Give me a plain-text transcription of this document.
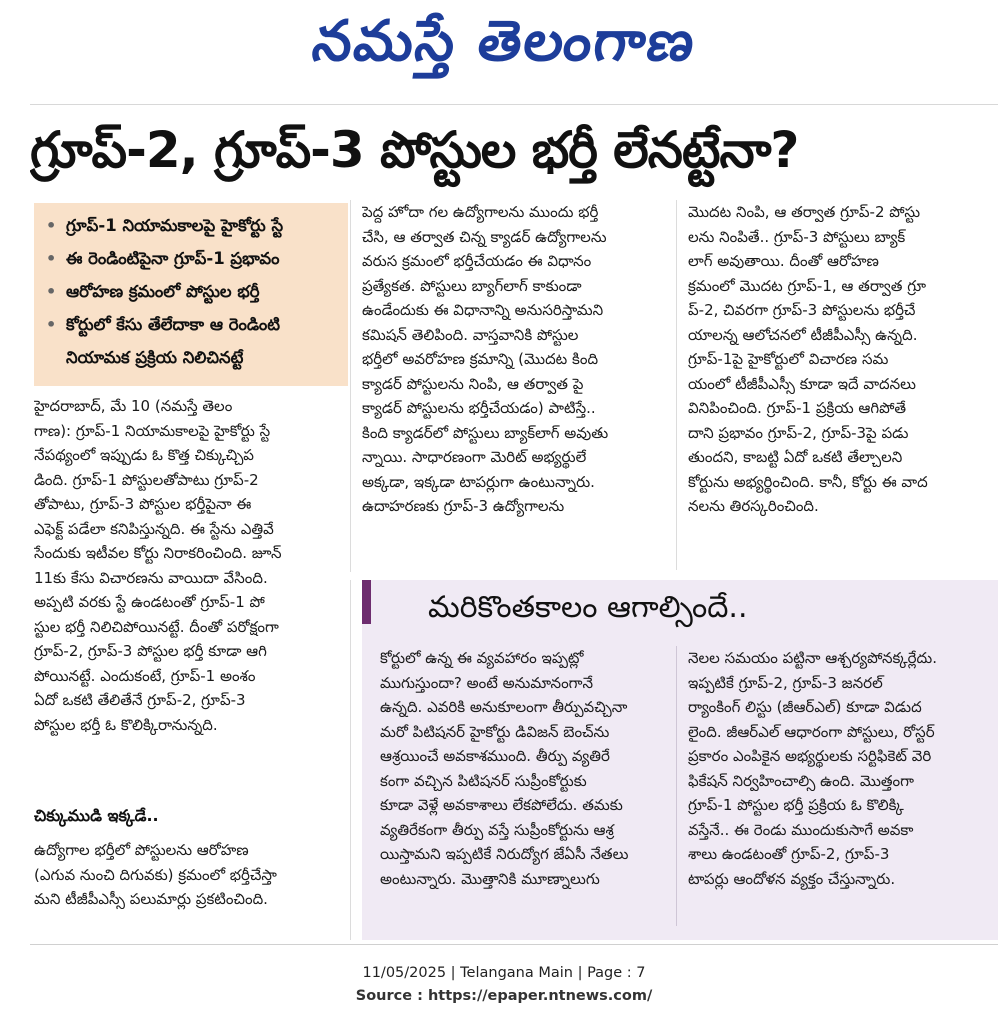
నమస్తే తెలంగాణ
గ్రూప్‌-2, గ్రూప్‌-3 పోస్టుల భర్తీ లేనట్టేనా?
• గ్రూప్‌-1 నియామకాలపై హైకోర్టు స్టే
• ఈ రెండింటిపైనా గ్రూప్‌-1 ప్రభావం
• ఆరోహణ క్రమంలో పోస్టుల భర్తీ
• కోర్టులో కేసు తేలేదాకా ఆ రెండింటి
నియామక ప్రక్రియ నిలిచినట్టే
హైదరాబాద్‌, మే 10 (నమస్తే తెలం
గాణ): గ్రూప్‌-1 నియామకాలపై హైకోర్టు స్టే
నేపథ్యంలో ఇప్పుడు ఓ కొత్త చిక్కుచ్చిప
డింది. గ్రూప్‌-1 పోస్టులతోపాటు గ్రూప్‌-2
తోపాటు, గ్రూప్‌-3 పోస్టుల భర్తీపైనా ఈ
ఎఫెక్ట్‌ పడేలా కనిపిస్తున్నది. ఈ స్టేను ఎత్తివే
సేందుకు ఇటీవల కోర్టు నిరాకరించింది. జూన్‌
11కు కేసు విచారణను వాయిదా వేసింది.
అప్పటి వరకు స్టే ఉండటంతో గ్రూప్‌-1 పో
స్టుల భర్తీ నిలిచిపోయినట్టే. దీంతో పరోక్షంగా
గ్రూప్‌-2, గ్రూప్‌-3 పోస్టుల భర్తీ కూడా ఆగి
పోయినట్టే. ఎందుకంటే, గ్రూప్‌-1 అంశం
ఏదో ఒకటి తేలితేనే గ్రూప్‌-2, గ్రూప్‌-3
పోస్టుల భర్తీ ఓ కొలిక్కిరానున్నది.
చిక్కుముడి ఇక్కడే..
ఉద్యోగాల భర్తీలో పోస్టులను ఆరోహణ
(ఎగువ నుంచి దిగువకు) క్రమంలో భర్తీచేస్తా
మని టీజీపీఎస్సీ పలుమార్లు ప్రకటించింది.
పెద్ద హోదా గల ఉద్యోగాలను ముందు భర్తీ
చేసి, ఆ తర్వాత చిన్న క్యాడర్‌ ఉద్యోగాలను
వరుస క్రమంలో భర్తీచేయడం ఈ విధానం
ప్రత్యేకత. పోస్టులు బ్యాగ్‌లాగ్‌ కాకుండా
ఉండేందుకు ఈ విధానాన్ని అనుసరిస్తామని
కమిషన్‌ తెలిపింది. వాస్తవానికి పోస్టుల
భర్తీలో అవరోహణ క్రమాన్ని (మొదట కింది
క్యాడర్‌ పోస్టులను నింపి, ఆ తర్వాత పై
క్యాడర్‌ పోస్టులను భర్తీచేయడం) పాటిస్తే..
కింది క్యాడర్‌లో పోస్టులు బ్యాక్‌లాగ్‌ అవుతు
న్నాయి. సాధారణంగా మెరిట్‌ అభ్యర్థులే
అక్కడా, ఇక్కడా టాపర్లుగా ఉంటున్నారు.
ఉదాహరణకు గ్రూప్‌-3 ఉద్యోగాలను
మొదట నింపి, ఆ తర్వాత గ్రూప్‌-2 పోస్టు
లను నింపితే.. గ్రూప్‌-3 పోస్టులు బ్యాక్‌
లాగ్‌ అవుతాయి. దీంతో ఆరోహణ
క్రమంలో మొదట గ్రూప్‌-1, ఆ తర్వాత గ్రూ
ప్‌-2, చివరగా గ్రూప్‌-3 పోస్టులను భర్తీచే
యాలన్న ఆలోచనలో టీజీపీఎస్సీ ఉన్నది.
గ్రూప్‌-1పై హైకోర్టులో విచారణ సమ
యంలో టీజీపీఎస్సీ కూడా ఇదే వాదనలు
వినిపించింది. గ్రూప్‌-1 ప్రక్రియ ఆగిపోతే
దాని ప్రభావం గ్రూప్‌-2, గ్రూప్‌-3పై పడు
తుందని, కాబట్టి ఏదో ఒకటి తేల్చాలని
కోర్టును అభ్యర్థించింది. కానీ, కోర్టు ఈ వాద
నలను తిరస్కరించింది.
మరికొంతకాలం ఆగాల్సిందే..
కోర్టులో ఉన్న ఈ వ్యవహారం ఇప్పట్లో
ముగుస్తుందా? అంటే అనుమానంగానే
ఉన్నది. ఎవరికి అనుకూలంగా తీర్పువచ్చినా
మరో పిటిషనర్‌ హైకోర్టు డివిజన్‌ బెంచ్‌ను
ఆశ్రయించే అవకాశముంది. తీర్పు వ్యతిరే
కంగా వచ్చిన పిటిషనర్‌ సుప్రీంకోర్టుకు
కూడా వెళ్లే అవకాశాలు లేకపోలేదు. తమకు
వ్యతిరేకంగా తీర్పు వస్తే సుప్రీంకోర్టును ఆశ్ర
యిస్తామని ఇప్పటికే నిరుద్యోగ జేఏసీ నేతలు
అంటున్నారు. మొత్తానికి మూణ్నాలుగు
నెలల సమయం పట్టినా ఆశ్చర్యపోనక్కర్లేదు.
ఇప్పటికే గ్రూప్‌-2, గ్రూప్‌-3 జనరల్‌
ర్యాంకింగ్‌ లిస్టు (జీఆర్‌ఎల్‌) కూడా విడుద
లైంది. జీఆర్‌ఎల్‌ ఆధారంగా పోస్టులు, రోస్టర్‌
ప్రకారం ఎంపికైన అభ్యర్థులకు సర్టిఫికెట్‌ వెరి
ఫికేషన్‌ నిర్వహించాల్సి ఉంది. మొత్తంగా
గ్రూప్‌-1 పోస్టుల భర్తీ ప్రక్రియ ఓ కొలిక్కి
వస్తేనే.. ఈ రెండు ముందుకుసాగే అవకా
శాలు ఉండటంతో గ్రూప్‌-2, గ్రూప్‌-3
టాపర్లు ఆందోళన వ్యక్తం చేస్తున్నారు.
11/05/2025 | Telangana Main | Page : 7
Source : https://epaper.ntnews.com/
